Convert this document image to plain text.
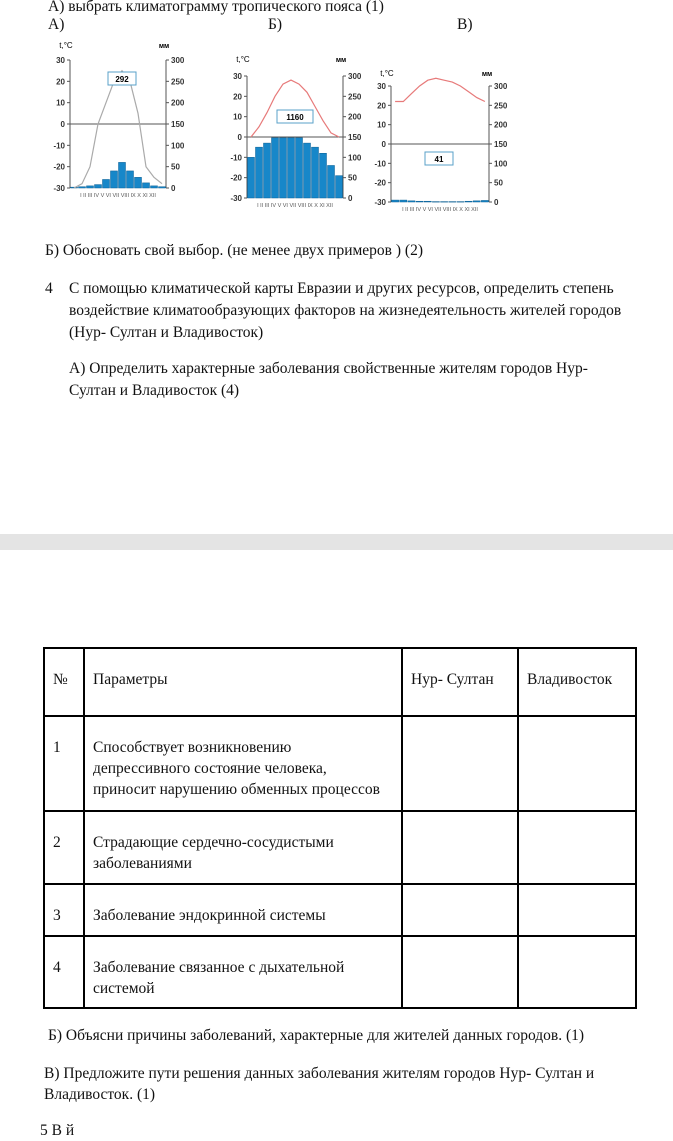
А) выбрать климатограмму тропического пояса (1)
А)	Б)	В)
t,°C	мм
30
20
10
0
-10
-20
-30
300
250
200
150
100
50
0
292
I II III IV V VI VII VIII IX X XI XII
t,°C	мм
30
20
10
0
-10
-20
-30
300
250
200
150
100
50
0
1160
I II III IV V VI VII VIII IX X XI XII
t,°C	мм
30
20
10
0
-10
-20
-30
300
250
200
150
100
50
0
41
I II III IV V VI VII VIII IX X XI XII
Б) Обосновать свой выбор. (не менее двух примеров ) (2)
4 С помощью климатической карты Евразии и других ресурсов, определить степень
воздействие климатообразующих факторов на жизнедеятельность жителей городов
(Нур- Султан и Владивосток)
А) Определить характерные заболевания свойственные жителям городов Нур-
Султан и Владивосток (4)
№	Параметры	Нур- Султан	Владивосток
1	Способствует возникновению
депрессивного состояние человека,
приносит нарушению обменных процессов		

2	Страдающие сердечно-сосудистыми
заболеваниями		

3	Заболевание эндокринной системы		

4	Заболевание связанное с дыхательной
системой		

Б) Объясни причины заболеваний, характерные для жителей данных городов. (1)
В) Предложите пути решения данных заболевания жителям городов Нур- Султан и
Владивосток. (1)
5 В й
